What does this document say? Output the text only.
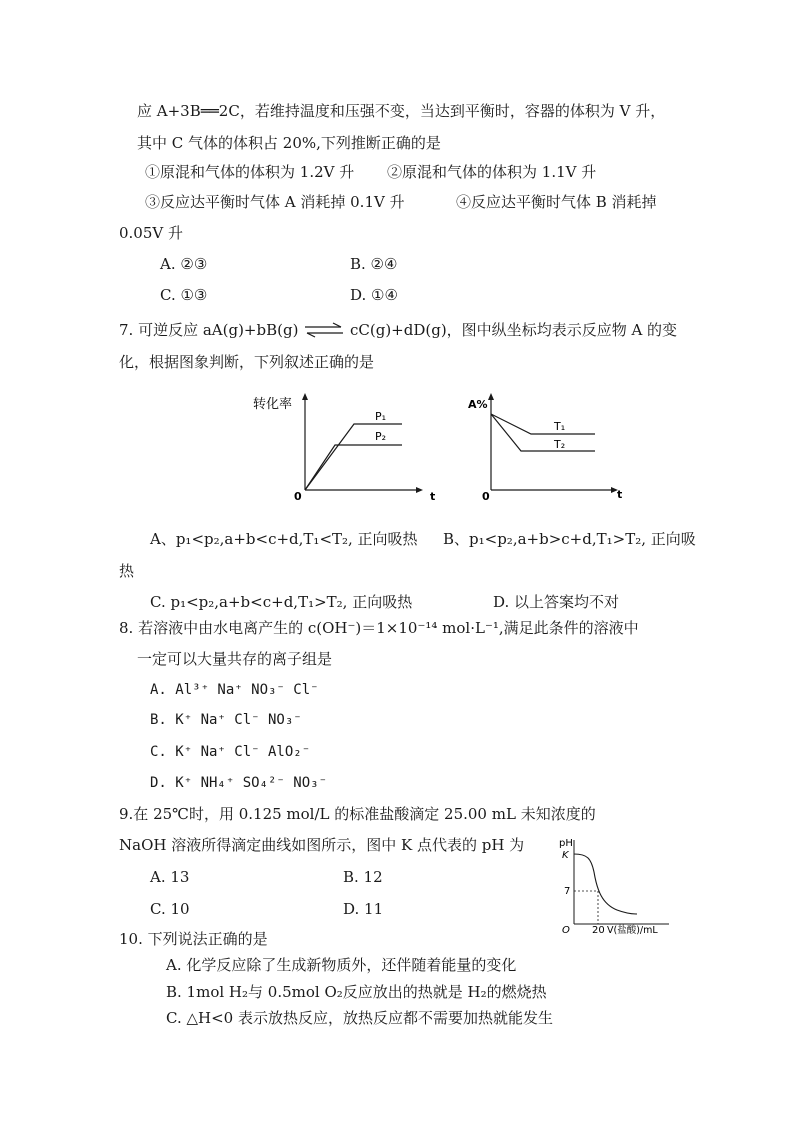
应 A+3B══2C，若维持温度和压强不变，当达到平衡时，容器的体积为 V 升，
其中 C 气体的体积占 20%,下列推断正确的是
①原混和气体的体积为 1.2V 升 ②原混和气体的体积为 1.1V 升
③反应达平衡时气体 A 消耗掉 0.1V 升	④反应达平衡时气体 B 消耗掉
0.05V 升
A. ②③	B. ②④
C. ①③	D. ①④
7. 可逆反应 aA(g)+bB(g) ⇌ cC(g)+dD(g)，图中纵坐标均表示反应物 A 的变
化，根据图象判断，下列叙述正确的是
转化率
0	t
P₁
P₂
A%
0	t
T₁
T₂
A、p₁<p₂,a+b<c+d,T₁<T₂, 正向吸热 B、p₁<p₂,a+b>c+d,T₁>T₂, 正向吸
热
C. p₁<p₂,a+b<c+d,T₁>T₂, 正向吸热	D. 以上答案均不对
8. 若溶液中由水电离产生的 c(OH⁻)＝1×10⁻¹⁴ mol·L⁻¹,满足此条件的溶液中
一定可以大量共存的离子组是
A. Al³⁺ Na⁺ NO₃⁻ Cl⁻
B. K⁺ Na⁺ Cl⁻ NO₃⁻
C. K⁺ Na⁺ Cl⁻ AlO₂⁻
D. K⁺ NH₄⁺ SO₄²⁻ NO₃⁻
9.在 25℃时，用 0.125 mol/L 的标准盐酸滴定 25.00 mL 未知浓度的
NaOH 溶液所得滴定曲线如图所示，图中 K 点代表的 pH 为
A. 13	B. 12
C. 10	D. 11
pH
K
7
O 20 V(盐酸)/mL
10. 下列说法正确的是
A. 化学反应除了生成新物质外，还伴随着能量的变化
B. 1mol H₂与 0.5mol O₂反应放出的热就是 H₂的燃烧热
C. △H<0 表示放热反应，放热反应都不需要加热就能发生
